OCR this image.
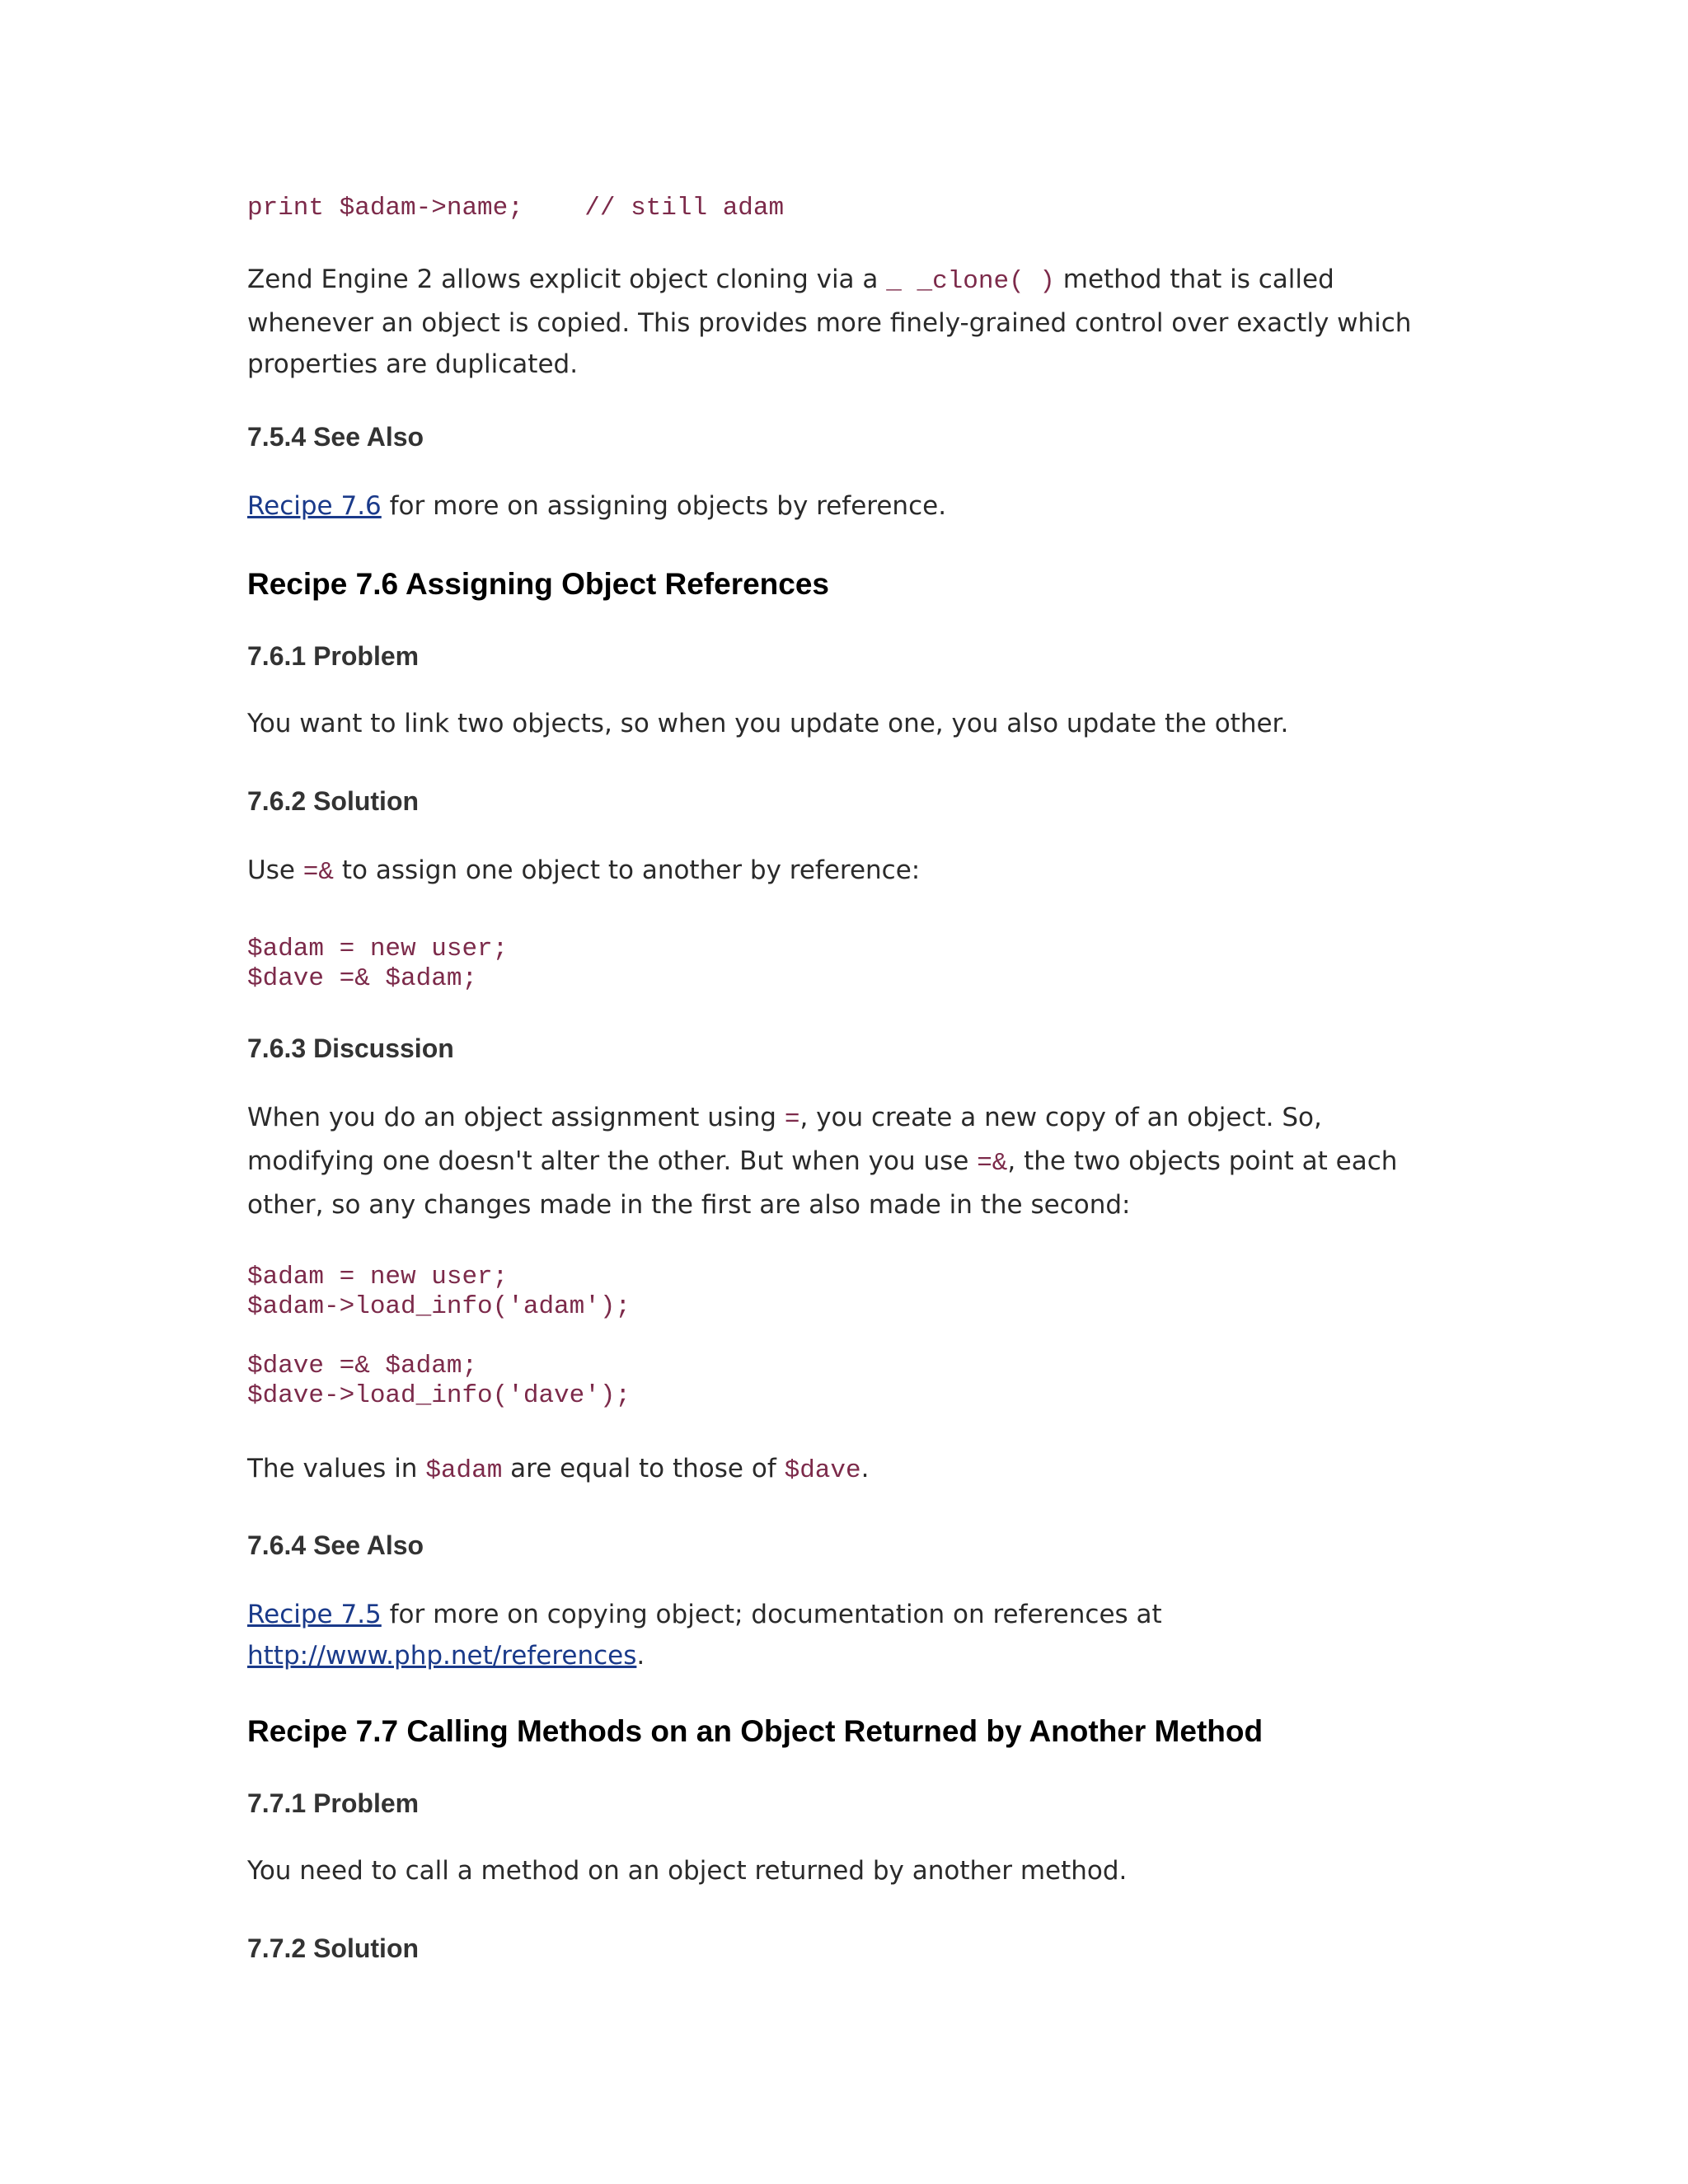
print $adam->name;    // still adam

Zend Engine 2 allows explicit object cloning via a _ _clone( ) method that is called whenever an object is copied. This provides more finely-grained control over exactly which properties are duplicated.

7.5.4 See Also

Recipe 7.6 for more on assigning objects by reference.

Recipe 7.6 Assigning Object References
7.6.1 Problem

You want to link two objects, so when you update one, you also update the other.

7.6.2 Solution

Use =& to assign one object to another by reference:

$adam = new user;
$dave =& $adam;
7.6.3 Discussion

When you do an object assignment using =, you create a new copy of an object. So, modifying one doesn't alter the other. But when you use =&, the two objects point at each other, so any changes made in the first are also made in the second:

$adam = new user;
$adam->load_info('adam');

$dave =& $adam;
$dave->load_info('dave');

The values in $adam are equal to those of $dave.

7.6.4 See Also

Recipe 7.5 for more on copying object; documentation on references at http://www.php.net/references.

Recipe 7.7 Calling Methods on an Object Returned by Another Method
7.7.1 Problem

You need to call a method on an object returned by another method.

7.7.2 Solution
